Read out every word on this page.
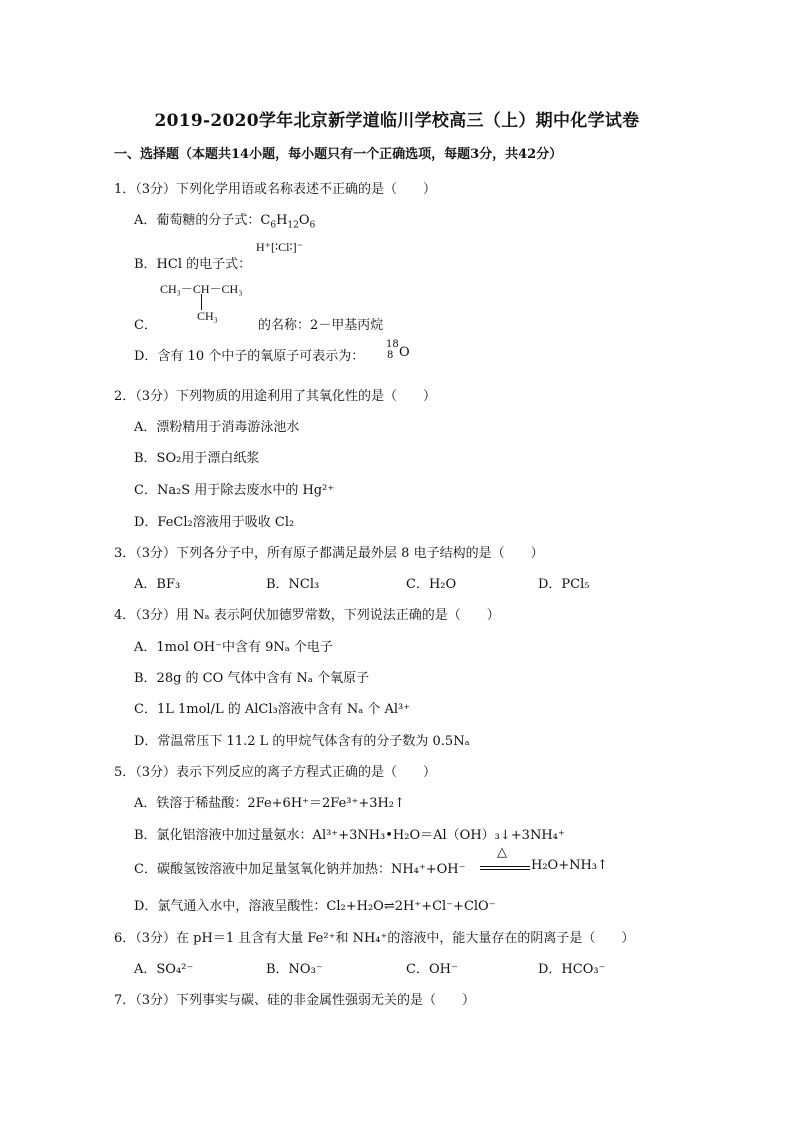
2019-2020学年北京新学道临川学校高三（上）期中化学试卷
一、选择题（本题共14小题，每小题只有一个正确选项，每题3分，共42分）
1．（3分）下列化学用语或名称表述不正确的是（　　）
A．葡萄糖的分子式：$C_6H_{12}O_6$
B．HCl 的电子式：
H⁺[∶Cl∶]⁻
CH₃－CH－CH₃
CH₃
C．	的名称：2－甲基丙烷
D．含有 10 个中子的氧原子可表示为：
18
8 O
2．（3分）下列物质的用途利用了其氧化性的是（　　）
A．漂粉精用于消毒游泳池水
B．SO₂用于漂白纸浆
C．Na₂S 用于除去废水中的 Hg²⁺
D．FeCl₂溶液用于吸收 Cl₂
3．（3分）下列各分子中，所有原子都满足最外层 8 电子结构的是（　　）
A．BF₃	B．NCl₃	C．H₂O	D．PCl₅
4．（3分）用 Nₐ 表示阿伏加德罗常数，下列说法正确的是（　　）
A．1mol OH⁻中含有 9Nₐ 个电子
B．28g 的 CO 气体中含有 Nₐ 个氧原子
C．1L 1mol/L 的 AlCl₃溶液中含有 Nₐ 个 Al³⁺
D．常温常压下 11.2 L 的甲烷气体含有的分子数为 0.5Nₐ
5．（3分）表示下列反应的离子方程式正确的是（　　）
A．铁溶于稀盐酸：2Fe+6H⁺＝2Fe³⁺+3H₂↑
B．氯化铝溶液中加过量氨水：Al³⁺+3NH₃•H₂O＝Al（OH）₃↓+3NH₄⁺
C．碳酸氢铵溶液中加足量氢氧化钠并加热：NH₄⁺+OH⁻
△
H₂O+NH₃↑
D．氯气通入水中，溶液呈酸性：Cl₂+H₂O⇌2H⁺+Cl⁻+ClO⁻
6．（3分）在 pH＝1 且含有大量 Fe²⁺和 NH₄⁺的溶液中，能大量存在的阴离子是（　　）
A．SO₄²⁻	B．NO₃⁻	C．OH⁻	D．HCO₃⁻
7．（3分）下列事实与碳、硅的非金属性强弱无关的是（　　）
